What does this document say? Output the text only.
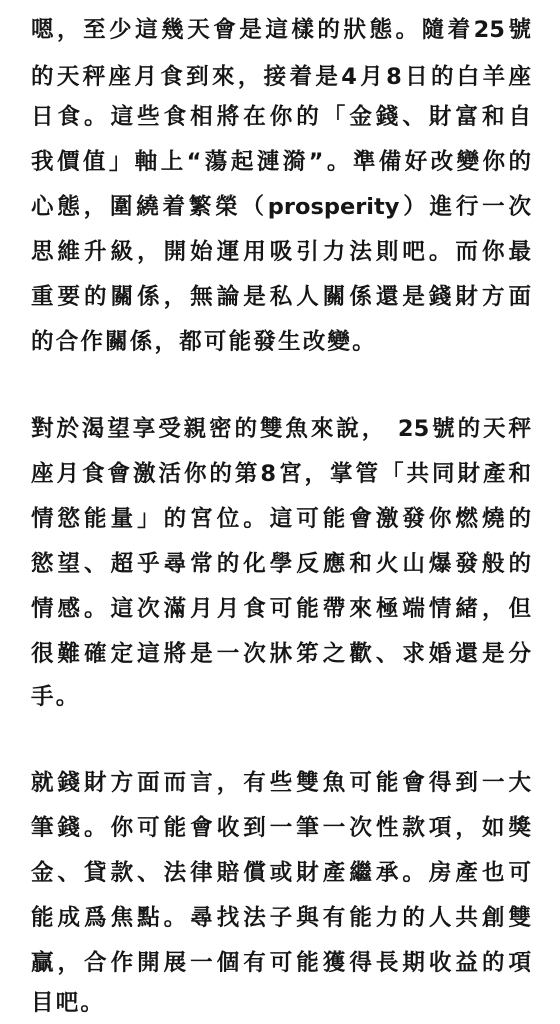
嗯，至少這幾天會是這樣的狀態。隨着25號
的天秤座月食到來，接着是4月8日的白羊座
日食。這些食相將在你的「金錢、財富和自
我價值」軸上“蕩起漣漪”。準備好改變你的
心態，圍繞着繁榮（prosperity）進行一次
思維升級，開始運用吸引力法則吧。而你最
重要的關係，無論是私人關係還是錢財方面
的合作關係，都可能發生改變。
對於渴望享受親密的雙魚來說， 25號的天秤
座月食會激活你的第8宮，掌管「共同財產和
情慾能量」的宮位。這可能會激發你燃燒的
慾望、超乎尋常的化學反應和火山爆發般的
情感。這次滿月月食可能帶來極端情緒，但
很難確定這將是一次牀笫之歡、求婚還是分
手。
就錢財方面而言，有些雙魚可能會得到一大
筆錢。你可能會收到一筆一次性款項，如獎
金、貸款、法律賠償或財產繼承。房產也可
能成爲焦點。尋找法子與有能力的人共創雙
贏，合作開展一個有可能獲得長期收益的項
目吧。
